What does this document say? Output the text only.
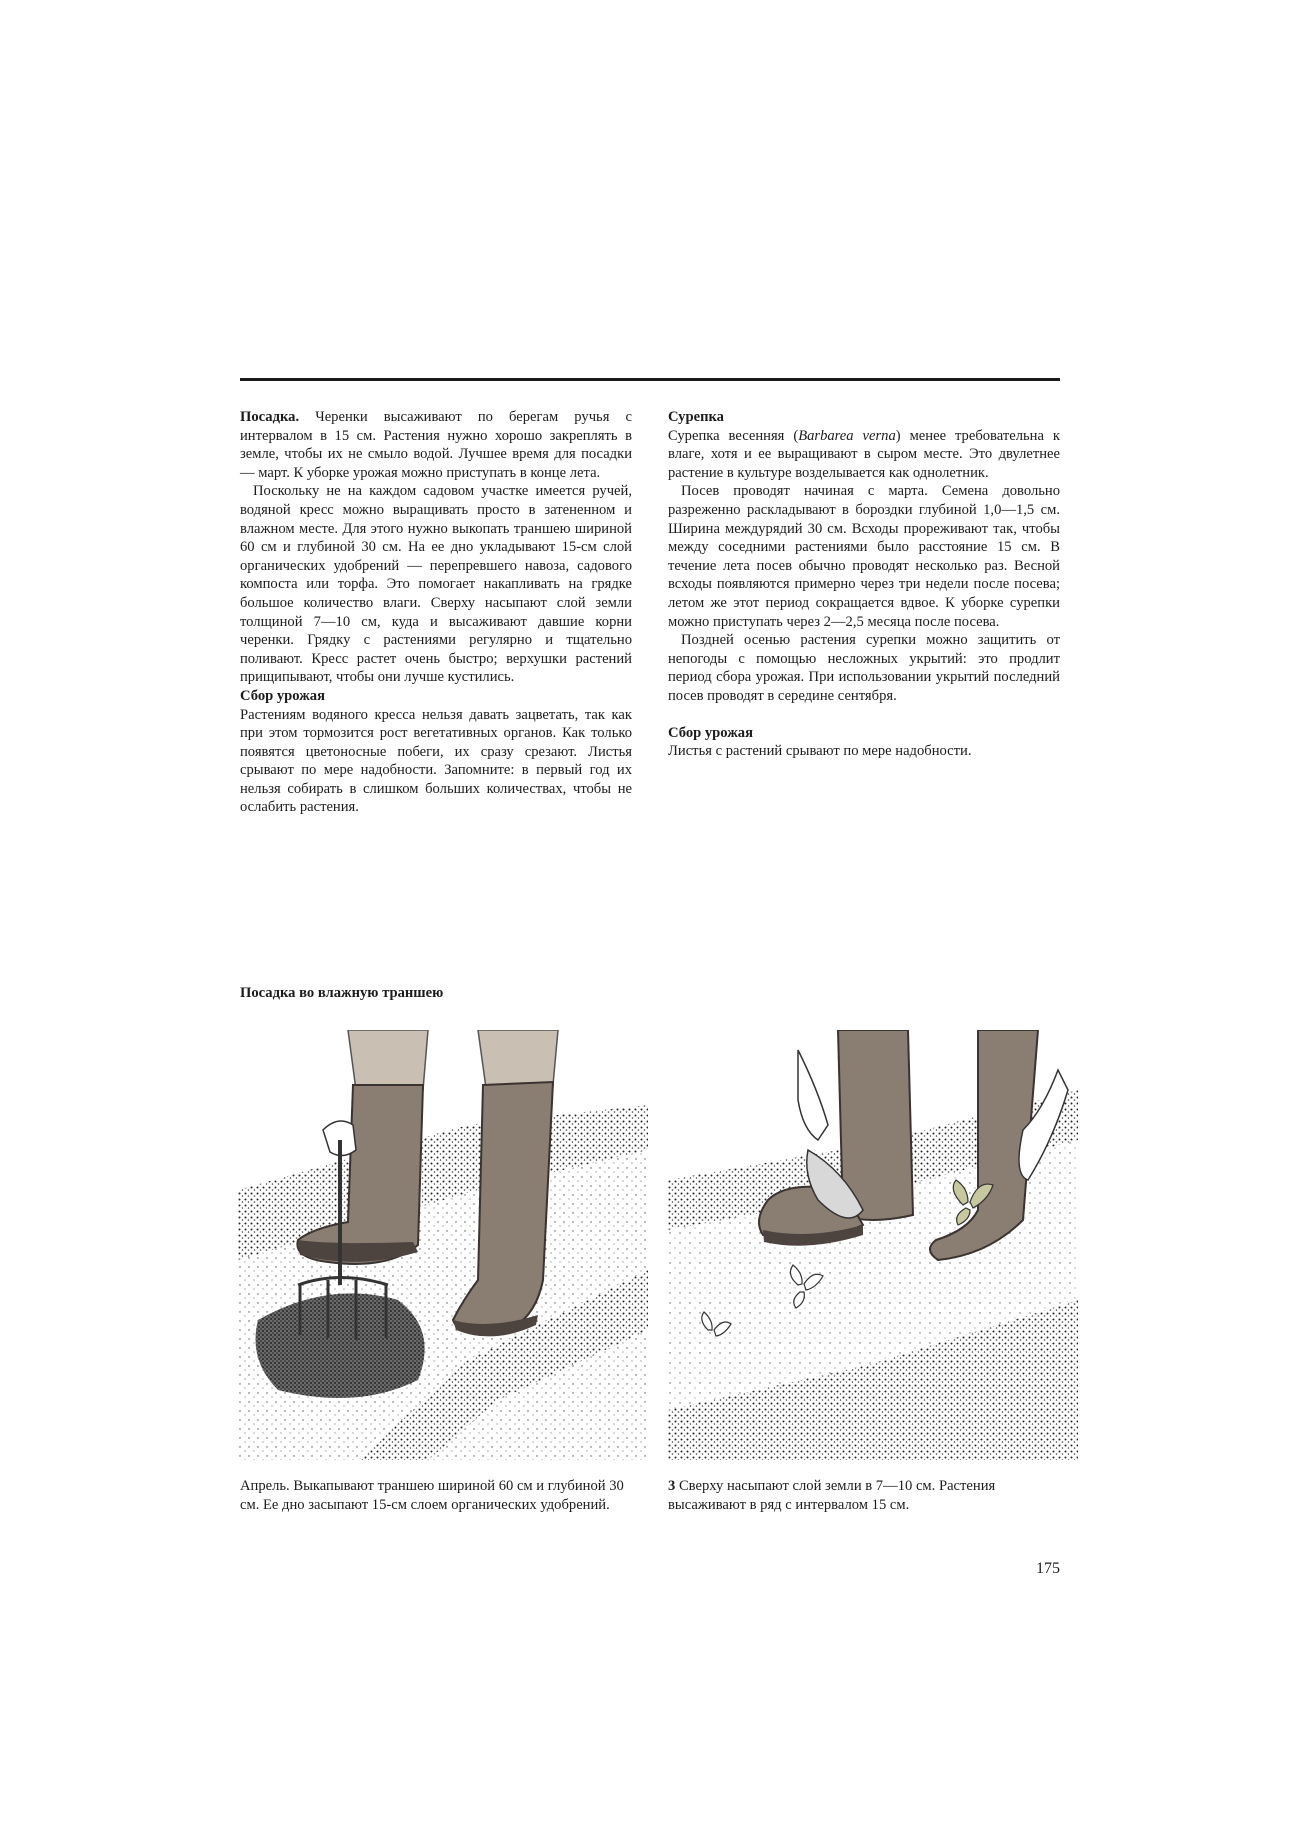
Посадка. Черенки высаживают по берегам ручья с интервалом в 15 см. Растения нужно хорошо закреплять в земле, чтобы их не смыло водой. Лучшее время для посадки — март. К уборке урожая можно приступать в конце лета.

Поскольку не на каждом садовом участке имеется ручей, водяной кресс можно выращивать просто в затененном и влажном месте. Для этого нужно выкопать траншею шириной 60 см и глубиной 30 см. На ее дно укладывают 15-см слой органических удобрений — перепревшего навоза, садового компоста или торфа. Это помогает накапливать на грядке большое количество влаги. Сверху насыпают слой земли толщиной 7—10 см, куда и высаживают давшие корни черенки. Грядку с растениями регулярно и тщательно поливают. Кресс растет очень быстро; верхушки растений прищипывают, чтобы они лучше кустились.

Сбор урожая

Растениям водяного кресса нельзя давать зацветать, так как при этом тормозится рост вегетативных органов. Как только появятся цветоносные побеги, их сразу срезают. Листья срывают по мере надобности. Запомните: в первый год их нельзя собирать в слишком больших количествах, чтобы не ослабить растения.

Сурепка

Сурепка весенняя (Barbarea verna) менее требовательна к влаге, хотя и ее выращивают в сыром месте. Это двулетнее растение в культуре возделывается как однолетник.

Посев проводят начиная с марта. Семена довольно разреженно раскладывают в бороздки глубиной 1,0—1,5 см. Ширина междурядий 30 см. Всходы прореживают так, чтобы между соседними растениями было расстояние 15 см. В течение лета посев обычно проводят несколько раз. Весной всходы появляются примерно через три недели после посева; летом же этот период сокращается вдвое. К уборке сурепки можно приступать через 2—2,5 месяца после посева.

Поздней осенью растения сурепки можно защитить от непогоды с помощью несложных укрытий: это продлит период сбора урожая. При использовании укрытий последний посев проводят в середине сентября.

Сбор урожая

Листья с растений срывают по мере надобности.

Посадка во влажную траншею
Апрель. Выкапывают траншею шириной 60 см и глубиной 30 см. Ее дно засыпают 15-см слоем органических удобрений.
3 Сверху насыпают слой земли в 7—10 см. Растения высаживают в ряд с интервалом 15 см.
175
